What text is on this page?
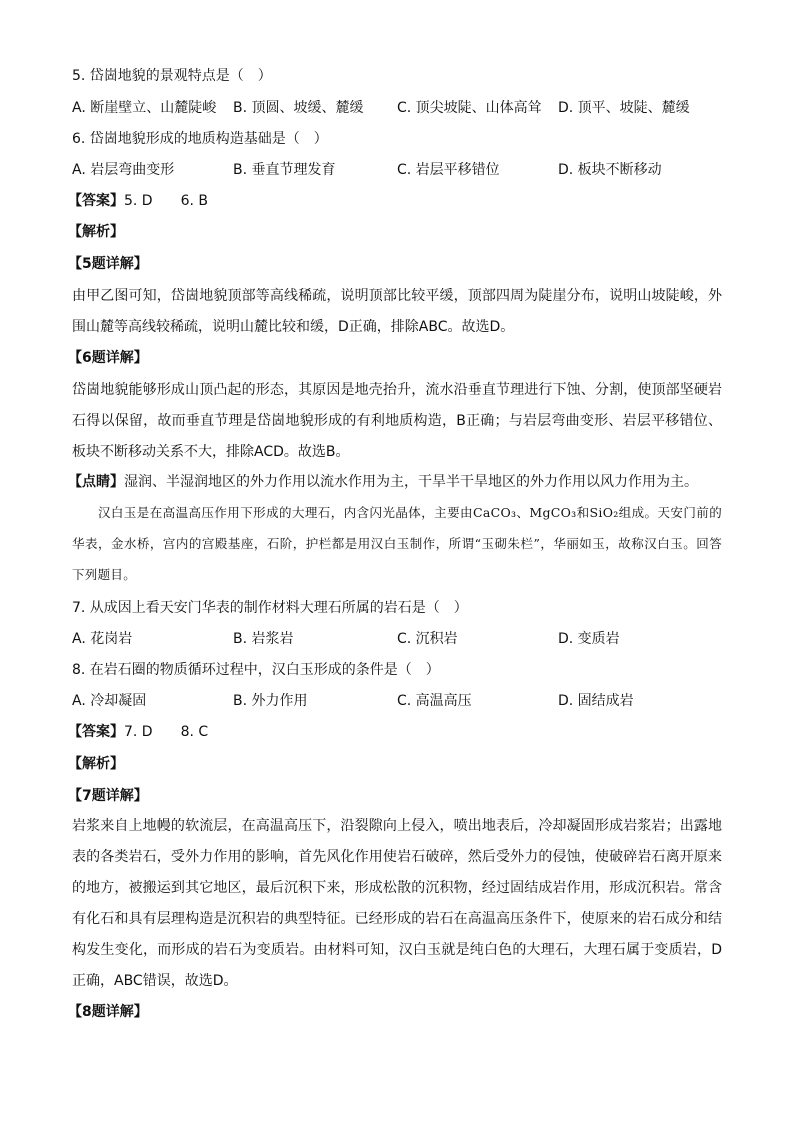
5. 岱崮地貌的景观特点是（　）
A. 断崖壁立、山麓陡峻 B. 顶圆、坡缓、麓缓 C. 顶尖坡陡、山体高耸 D. 顶平、坡陡、麓缓
6. 岱崮地貌形成的地质构造基础是（　）
A. 岩层弯曲变形	B. 垂直节理发育	C. 岩层平移错位	D. 板块不断移动
【答案】5. D　　6. B
【解析】
【5题详解】
由甲乙图可知，岱崮地貌顶部等高线稀疏，说明顶部比较平缓，顶部四周为陡崖分布，说明山坡陡峻，外围山麓等高线较稀疏，说明山麓比较和缓，D正确，排除ABC。故选D。
【6题详解】
岱崮地貌能够形成山顶凸起的形态，其原因是地壳抬升，流水沿垂直节理进行下蚀、分割，使顶部坚硬岩石得以保留，故而垂直节理是岱崮地貌形成的有利地质构造，B正确；与岩层弯曲变形、岩层平移错位、板块不断移动关系不大，排除ACD。故选B。
【点睛】湿润、半湿润地区的外力作用以流水作用为主，干旱半干旱地区的外力作用以风力作用为主。
汉白玉是在高温高压作用下形成的大理石，内含闪光晶体，主要由CaCO₃、MgCO₃和SiO₂组成。天安门前的华表，金水桥，宫内的宫殿基座，石阶，护栏都是用汉白玉制作，所谓“玉砌朱栏”，华丽如玉，故称汉白玉。回答下列题目。
7. 从成因上看天安门华表的制作材料大理石所属的岩石是（　）
A. 花岗岩	B. 岩浆岩	C. 沉积岩	D. 变质岩
8. 在岩石圈的物质循环过程中，汉白玉形成的条件是（　）
A. 冷却凝固	B. 外力作用	C. 高温高压	D. 固结成岩
【答案】7. D　　8. C
【解析】
【7题详解】
岩浆来自上地幔的软流层，在高温高压下，沿裂隙向上侵入，喷出地表后，冷却凝固形成岩浆岩；出露地表的各类岩石，受外力作用的影响，首先风化作用使岩石破碎，然后受外力的侵蚀，使破碎岩石离开原来的地方，被搬运到其它地区，最后沉积下来，形成松散的沉积物，经过固结成岩作用，形成沉积岩。常含有化石和具有层理构造是沉积岩的典型特征。已经形成的岩石在高温高压条件下，使原来的岩石成分和结构发生变化，而形成的岩石为变质岩。由材料可知，汉白玉就是纯白色的大理石，大理石属于变质岩，D正确，ABC错误，故选D。
【8题详解】
